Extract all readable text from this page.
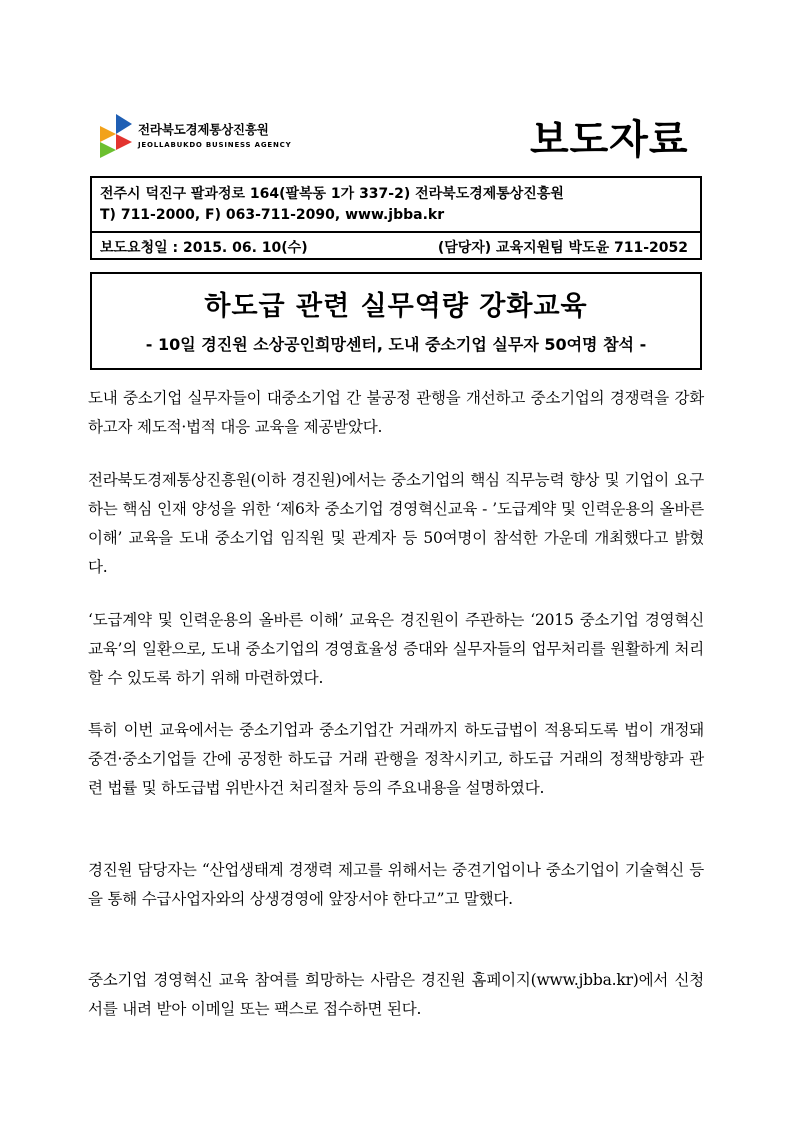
전라북도경제통상진흥원
JEOLLABUKDO BUSINESS AGENCY	보도자료
전주시 덕진구 팔과정로 164(팔복동 1가 337-2) 전라북도경제통상진흥원
T) 711-2000, F) 063-711-2090, www.jbba.kr
보도요청일 : 2015. 06. 10(수)	(담당자) 교육지원팀 박도윤 711-2052
하도급 관련 실무역량 강화교육
- 10일 경진원 소상공인희망센터, 도내 중소기업 실무자 50여명 참석 -
도내 중소기업 실무자들이 대중소기업 간 불공정 관행을 개선하고 중소기업의 경쟁력을 강화하고자 제도적·법적 대응 교육을 제공받았다.
전라북도경제통상진흥원(이하 경진원)에서는 중소기업의 핵심 직무능력 향상 및 기업이 요구하는 핵심 인재 양성을 위한 ‘제6차 중소기업 경영혁신교육 - ’도급계약 및 인력운용의 올바른 이해’ 교육을 도내 중소기업 임직원 및 관계자 등 50여명이 참석한 가운데 개최했다고 밝혔다.
‘도급계약 및 인력운용의 올바른 이해’ 교육은 경진원이 주관하는 ‘2015 중소기업 경영혁신교육’의 일환으로, 도내 중소기업의 경영효율성 증대와 실무자들의 업무처리를 원활하게 처리할 수 있도록 하기 위해 마련하였다.
특히 이번 교육에서는 중소기업과 중소기업간 거래까지 하도급법이 적용되도록 법이 개정돼 중견·중소기업들 간에 공정한 하도급 거래 관행을 정착시키고, 하도급 거래의 정책방향과 관련 법률 및 하도급법 위반사건 처리절차 등의 주요내용을 설명하였다.
경진원 담당자는 “산업생태계 경쟁력 제고를 위해서는 중견기업이나 중소기업이 기술혁신 등을 통해 수급사업자와의 상생경영에 앞장서야 한다고”고 말했다.
중소기업 경영혁신 교육 참여를 희망하는 사람은 경진원 홈페이지(www.jbba.kr)에서 신청서를 내려 받아 이메일 또는 팩스로 접수하면 된다.
